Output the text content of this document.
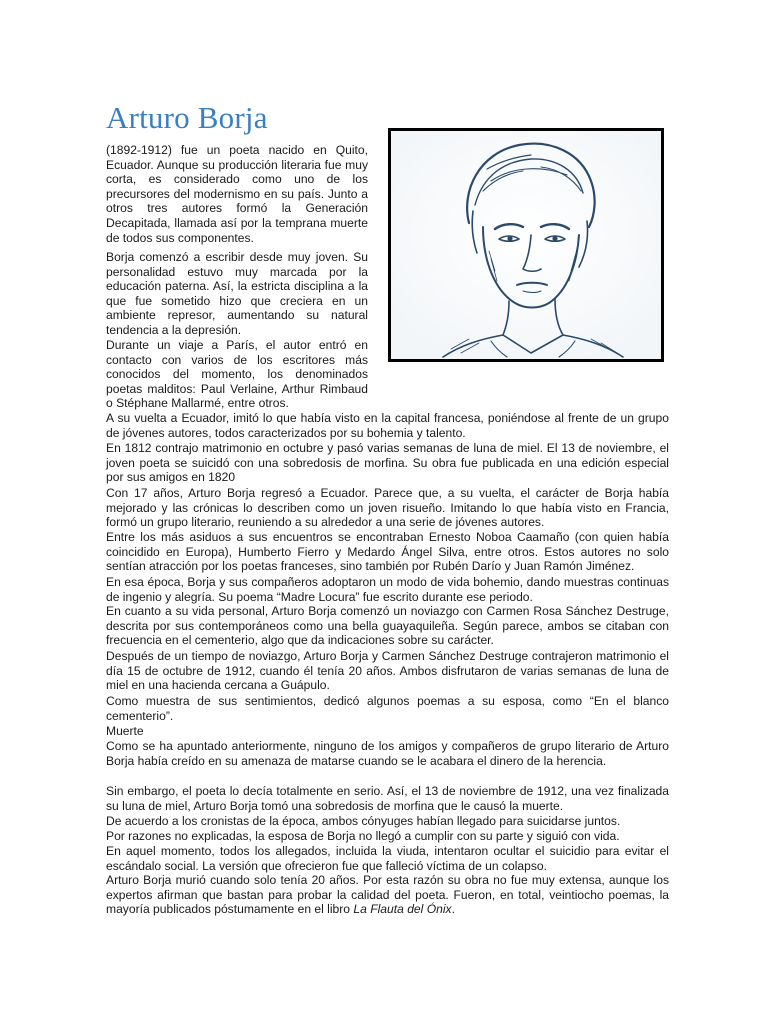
Arturo Borja

(1892-1912) fue un poeta nacido en Quito, Ecuador. Aunque su producción literaria fue muy corta, es considerado como uno de los precursores del modernismo en su país. Junto a otros tres autores formó la Generación Decapitada, llamada así por la temprana muerte de todos sus componentes.

Borja comenzó a escribir desde muy joven. Su personalidad estuvo muy marcada por la educación paterna. Así, la estricta disciplina a la que fue sometido hizo que creciera en un ambiente represor, aumentando su natural tendencia a la depresión.

Durante un viaje a París, el autor entró en contacto con varios de los escritores más conocidos del momento, los denominados poetas malditos: Paul Verlaine, Arthur Rimbaud o Stéphane Mallarmé, entre otros.

A su vuelta a Ecuador, imitó lo que había visto en la capital francesa, poniéndose al frente de un grupo de jóvenes autores, todos caracterizados por su bohemia y talento.

En 1812 contrajo matrimonio en octubre y pasó varias semanas de luna de miel. El 13 de noviembre, el joven poeta se suicidó con una sobredosis de morfina. Su obra fue publicada en una edición especial por sus amigos en 1820

Con 17 años, Arturo Borja regresó a Ecuador. Parece que, a su vuelta, el carácter de Borja había mejorado y las crónicas lo describen como un joven risueño. Imitando lo que había visto en Francia, formó un grupo literario, reuniendo a su alrededor a una serie de jóvenes autores.

Entre los más asiduos a sus encuentros se encontraban Ernesto Noboa Caamaño (con quien había coincidido en Europa), Humberto Fierro y Medardo Ángel Silva, entre otros. Estos autores no solo sentían atracción por los poetas franceses, sino también por Rubén Darío y Juan Ramón Jiménez.

En esa época, Borja y sus compañeros adoptaron un modo de vida bohemio, dando muestras continuas de ingenio y alegría. Su poema “Madre Locura” fue escrito durante ese periodo.

En cuanto a su vida personal, Arturo Borja comenzó un noviazgo con Carmen Rosa Sánchez Destruge, descrita por sus contemporáneos como una bella guayaquileña. Según parece, ambos se citaban con frecuencia en el cementerio, algo que da indicaciones sobre su carácter.

Después de un tiempo de noviazgo, Arturo Borja y Carmen Sánchez Destruge contrajeron matrimonio el día 15 de octubre de 1912, cuando él tenía 20 años. Ambos disfrutaron de varias semanas de luna de miel en una hacienda cercana a Guápulo.

Como muestra de sus sentimientos, dedicó algunos poemas a su esposa, como “En el blanco cementerio”.

Muerte

Como se ha apuntado anteriormente, ninguno de los amigos y compañeros de grupo literario de Arturo Borja había creído en su amenaza de matarse cuando se le acabara el dinero de la herencia.

Sin embargo, el poeta lo decía totalmente en serio. Así, el 13 de noviembre de 1912, una vez finalizada su luna de miel, Arturo Borja tomó una sobredosis de morfina que le causó la muerte.

De acuerdo a los cronistas de la época, ambos cónyuges habían llegado para suicidarse juntos.

Por razones no explicadas, la esposa de Borja no llegó a cumplir con su parte y siguió con vida.

En aquel momento, todos los allegados, incluida la viuda, intentaron ocultar el suicidio para evitar el escándalo social. La versión que ofrecieron fue que falleció víctima de un colapso.

Arturo Borja murió cuando solo tenía 20 años. Por esta razón su obra no fue muy extensa, aunque los expertos afirman que bastan para probar la calidad del poeta. Fueron, en total, veintiocho poemas, la mayoría publicados póstumamente en el libro La Flauta del Ónix.
